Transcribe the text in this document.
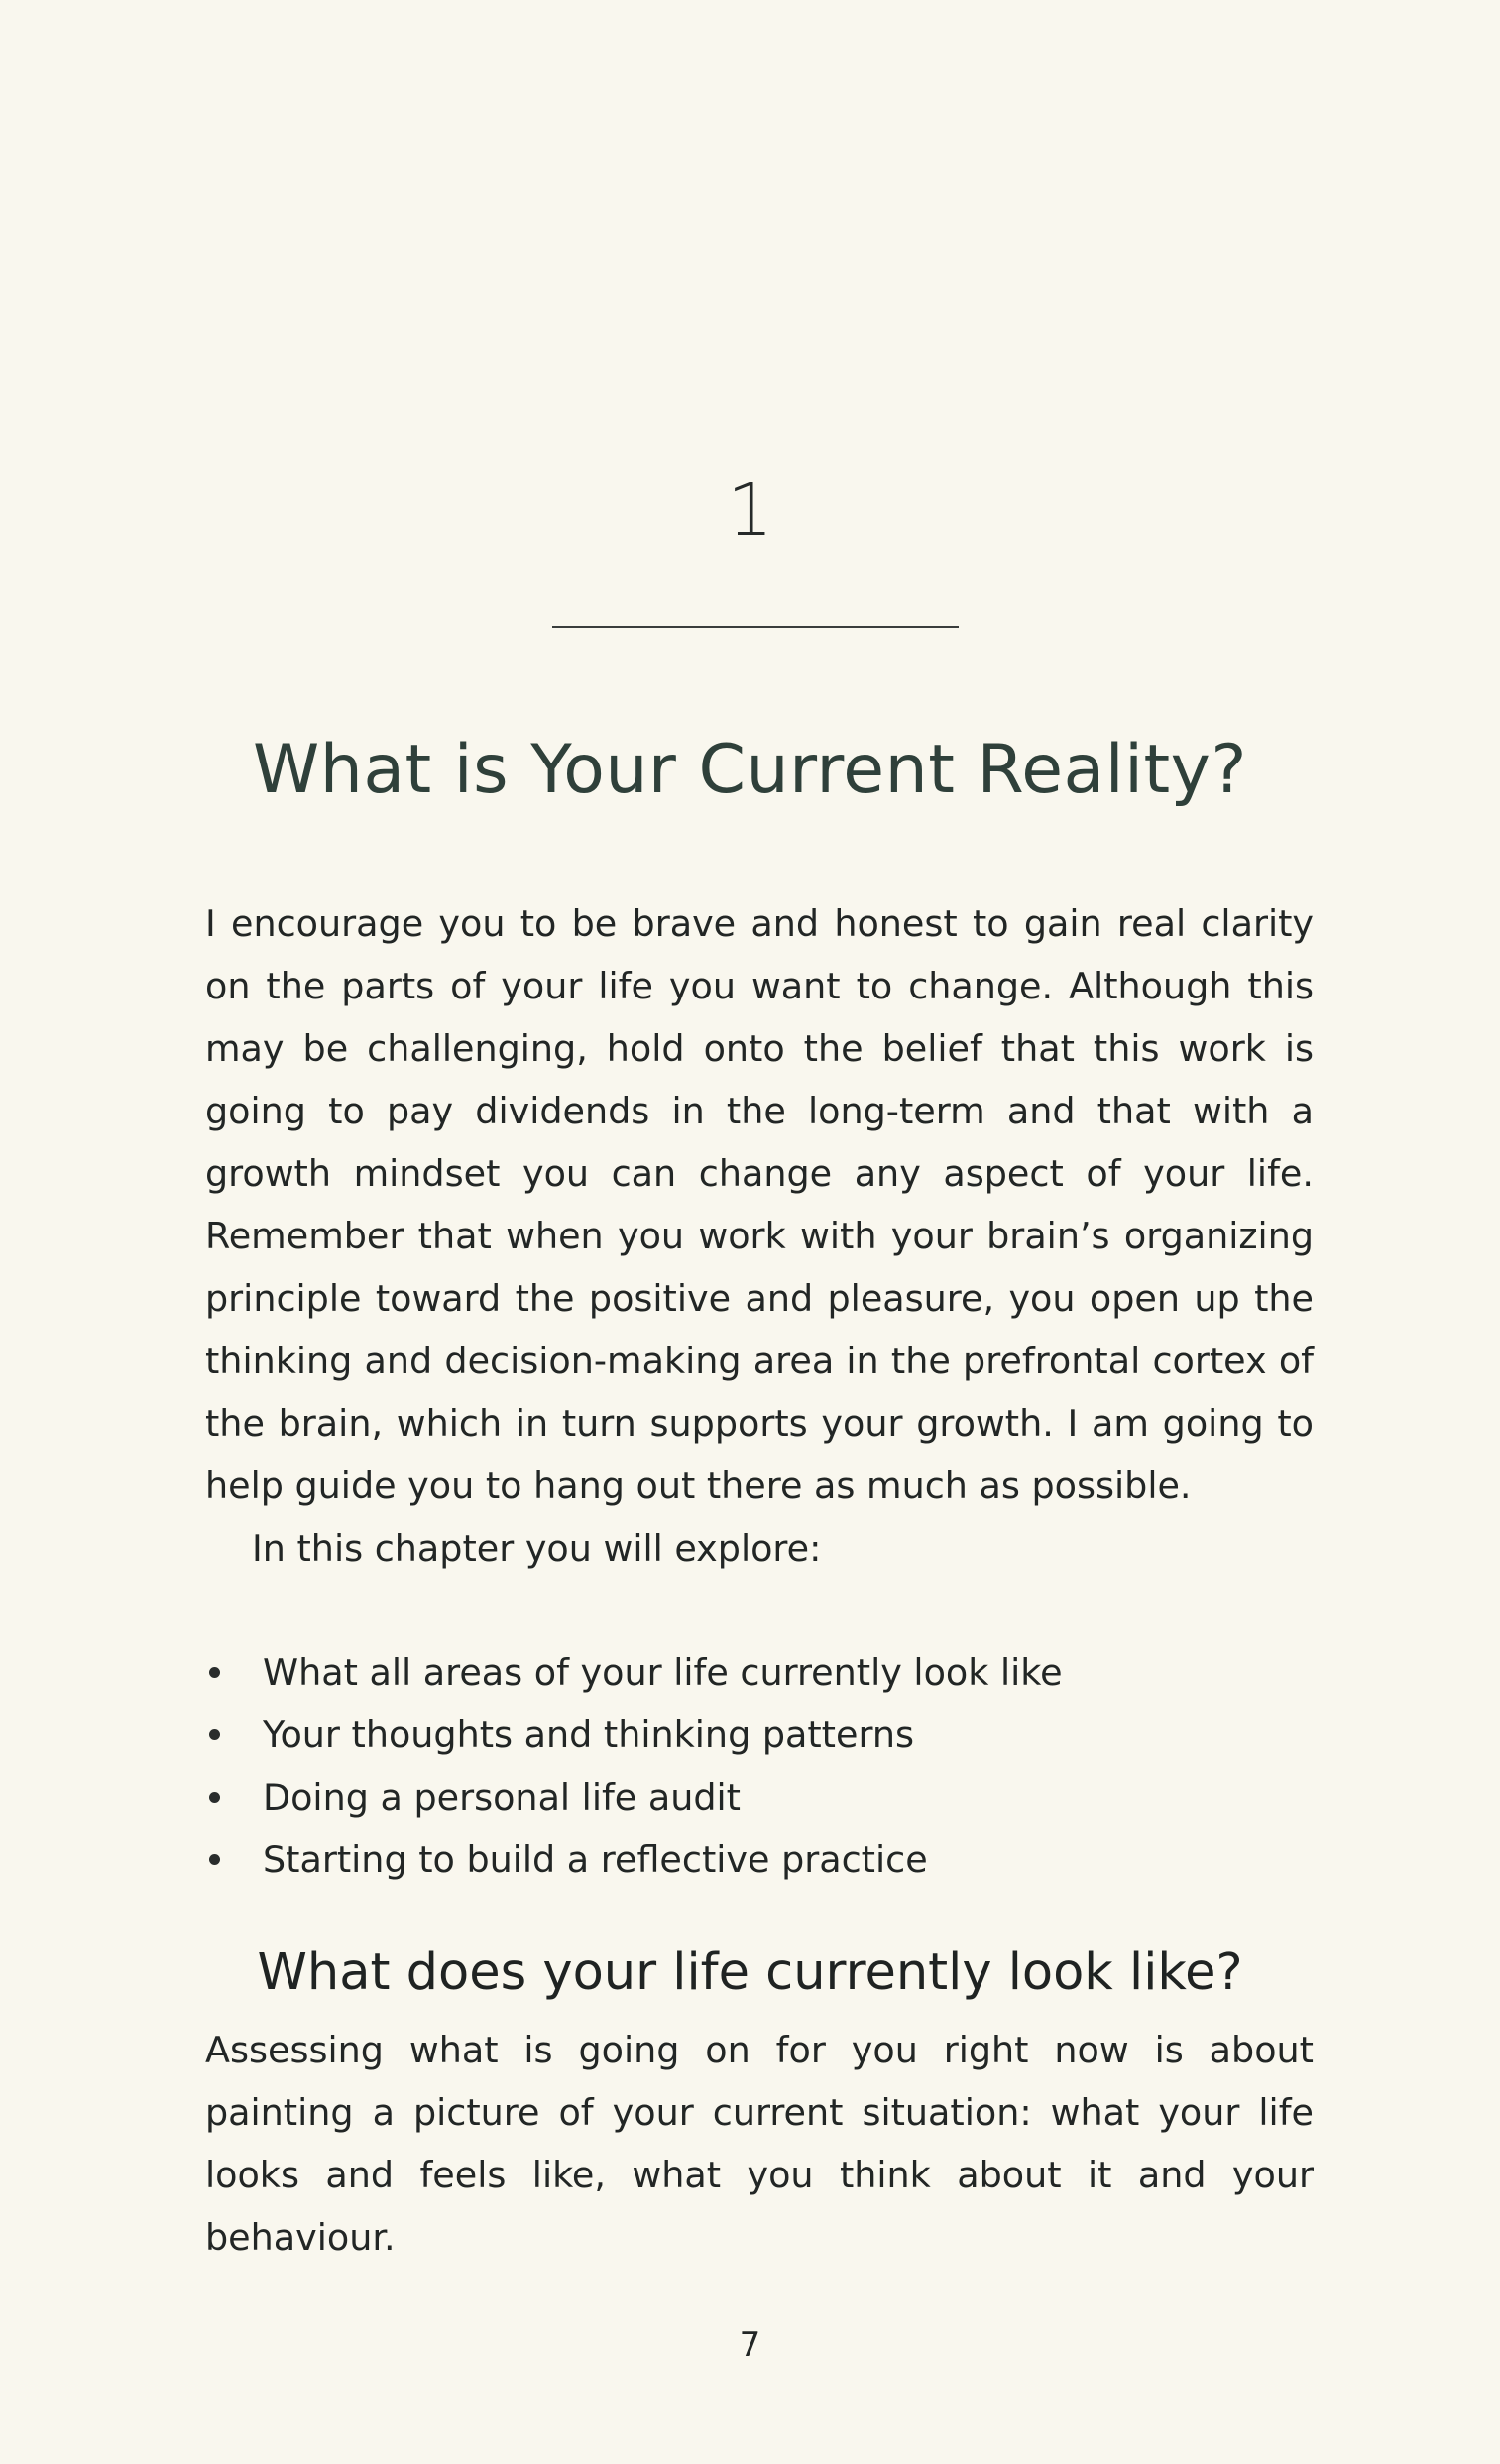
1
What is Your Current Reality?

I encourage you to be brave and honest to gain real clarity on the parts of your life you want to change. Although this may be challenging, hold onto the belief that this work is going to pay dividends in the long-term and that with a growth mindset you can change any aspect of your life. Remember that when you work with your brain’s organizing principle toward the positive and pleasure, you open up the thinking and decision-making area in the prefrontal cortex of the brain, which in turn supports your growth. I am going to help guide you to hang out there as much as possible.

In this chapter you will explore:

What all areas of your life currently look like
Your thoughts and thinking patterns
Doing a personal life audit
Starting to build a reflective practice
What does your life currently look like?

Assessing what is going on for you right now is about painting a picture of your current situation: what your life looks and feels like, what you think about it and your behaviour.

7
